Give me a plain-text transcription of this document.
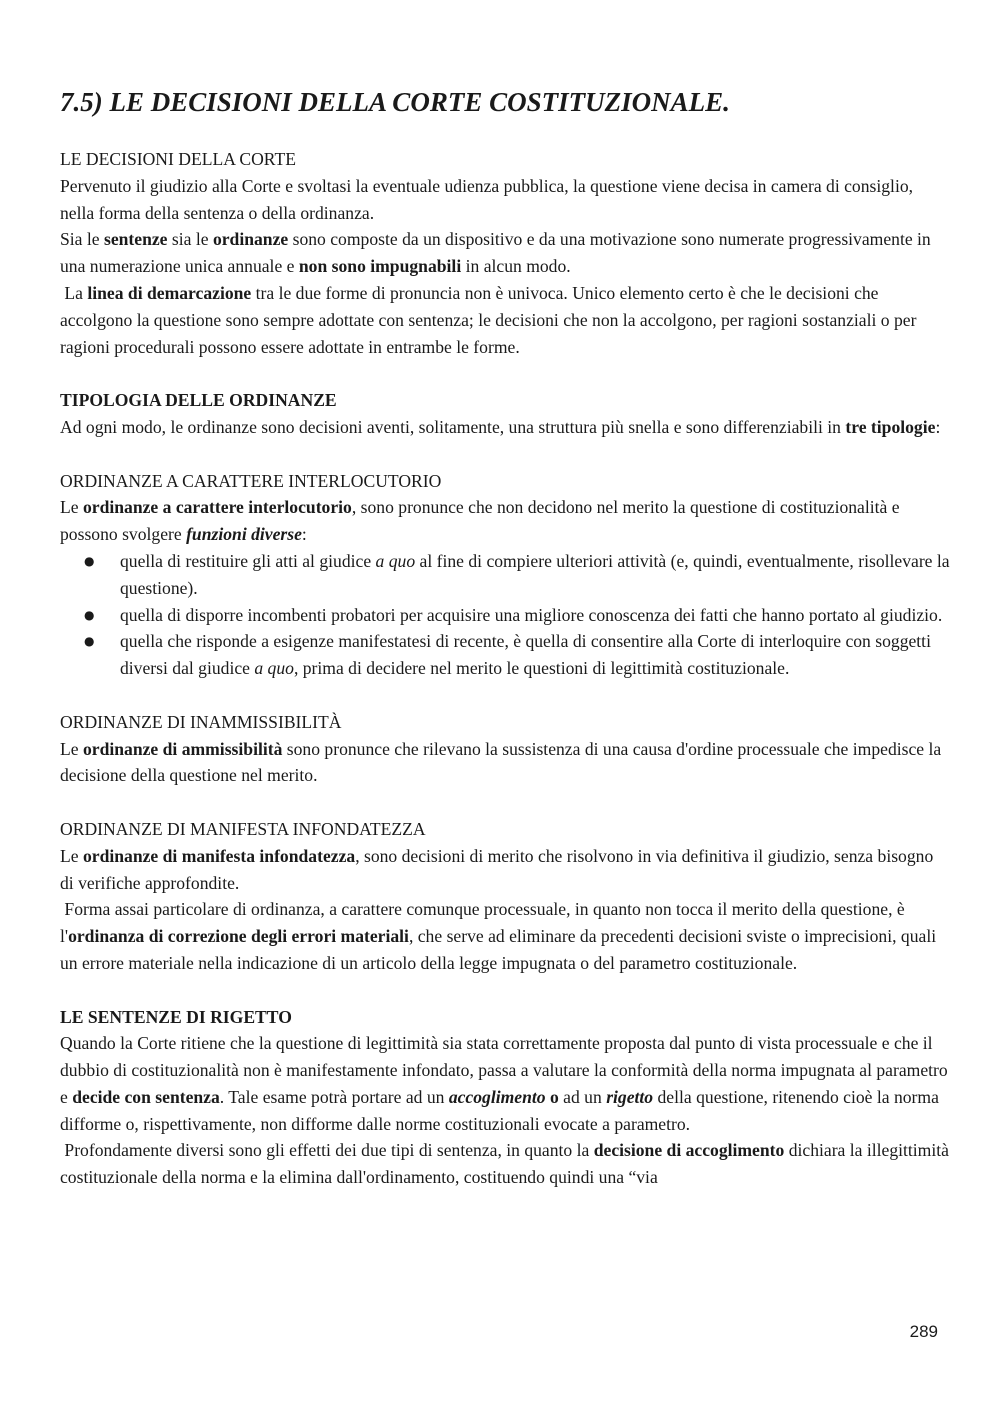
7.5) LE DECISIONI DELLA CORTE COSTITUZIONALE.

LE DECISIONI DELLA CORTE

Pervenuto il giudizio alla Corte e svoltasi la eventuale udienza pubblica, la questione viene decisa in camera di consiglio, nella forma della sentenza o della ordinanza.

Sia le sentenze sia le ordinanze sono composte da un dispositivo e da una motivazione sono numerate progressivamente in una numerazione unica annuale e non sono impugnabili in alcun modo.

La linea di demarcazione tra le due forme di pronuncia non è univoca. Unico elemento certo è che le decisioni che accolgono la questione sono sempre adottate con sentenza; le decisioni che non la accolgono, per ragioni sostanziali o per ragioni procedurali possono essere adottate in entrambe le forme.

TIPOLOGIA DELLE ORDINANZE

Ad ogni modo, le ordinanze sono decisioni aventi, solitamente, una struttura più snella e sono differenziabili in tre tipologie:

ORDINANZE A CARATTERE INTERLOCUTORIO

Le ordinanze a carattere interlocutorio, sono pronunce che non decidono nel merito la questione di costituzionalità e possono svolgere funzioni diverse:

● quella di restituire gli atti al giudice a quo al fine di compiere ulteriori attività (e, quindi, eventualmente, risollevare la questione).
● quella di disporre incombenti probatori per acquisire una migliore conoscenza dei fatti che hanno portato al giudizio.
● quella che risponde a esigenze manifestatesi di recente, è quella di consentire alla Corte di interloquire con soggetti diversi dal giudice a quo, prima di decidere nel merito le questioni di legittimità costituzionale.

ORDINANZE DI INAMMISSIBILITÀ

Le ordinanze di ammissibilità sono pronunce che rilevano la sussistenza di una causa d'ordine processuale che impedisce la decisione della questione nel merito.

ORDINANZE DI MANIFESTA INFONDATEZZA

Le ordinanze di manifesta infondatezza, sono decisioni di merito che risolvono in via definitiva il giudizio, senza bisogno di verifiche approfondite.

Forma assai particolare di ordinanza, a carattere comunque processuale, in quanto non tocca il merito della questione, è l'ordinanza di correzione degli errori materiali, che serve ad eliminare da precedenti decisioni sviste o imprecisioni, quali un errore materiale nella indicazione di un articolo della legge impugnata o del parametro costituzionale.

LE SENTENZE DI RIGETTO

Quando la Corte ritiene che la questione di legittimità sia stata correttamente proposta dal punto di vista processuale e che il dubbio di costituzionalità non è manifestamente infondato, passa a valutare la conformità della norma impugnata al parametro e decide con sentenza. Tale esame potrà portare ad un accoglimento o ad un rigetto della questione, ritenendo cioè la norma difforme o, rispettivamente, non difforme dalle norme costituzionali evocate a parametro.

Profondamente diversi sono gli effetti dei due tipi di sentenza, in quanto la decisione di accoglimento dichiara la illegittimità costituzionale della norma e la elimina dall'ordinamento, costituendo quindi una “via

289
